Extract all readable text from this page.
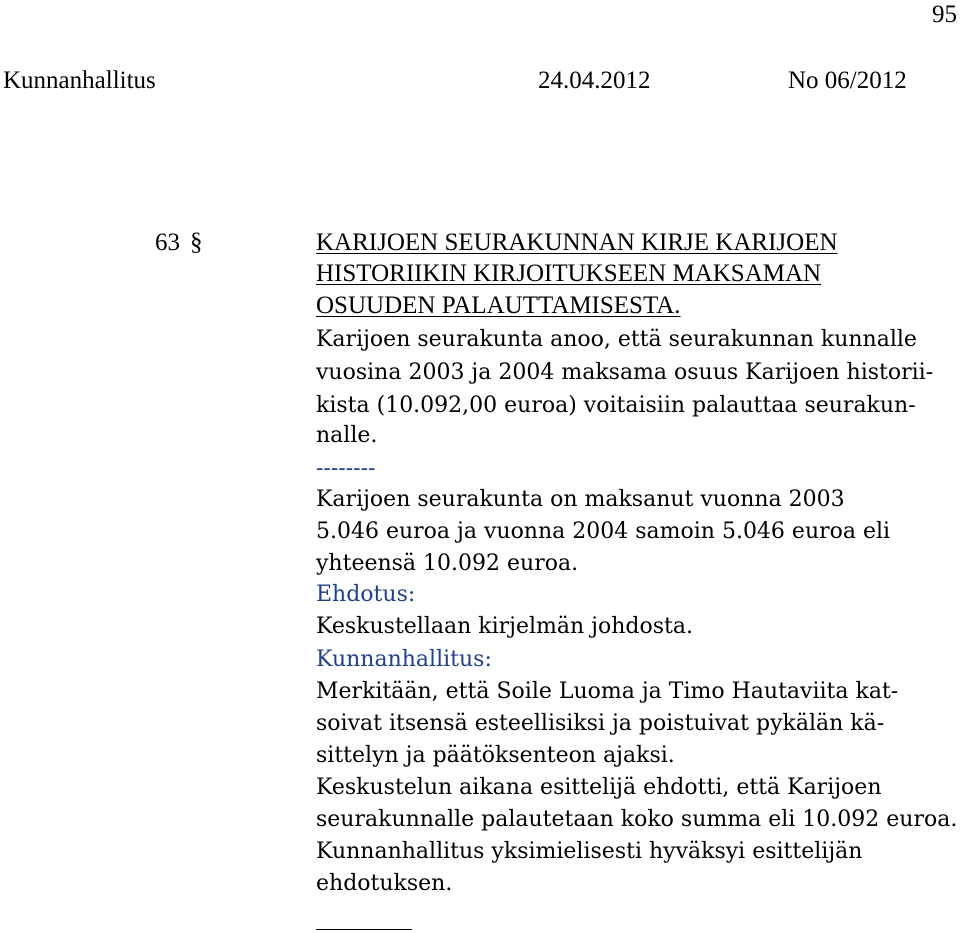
95
Kunnanhallitus	24.04.2012	No 06/2012
63 §	KARIJOEN SEURAKUNNAN KIRJE KARIJOEN
HISTORIIKIN KIRJOITUKSEEN MAKSAMAN
OSUUDEN PALAUTTAMISESTA.
Karijoen seurakunta anoo, että seurakunnan kunnalle
vuosina 2003 ja 2004 maksama osuus Karijoen historii-
kista (10.092,00 euroa) voitaisiin palauttaa seurakun-
nalle.
--------
Karijoen seurakunta on maksanut vuonna 2003
5.046 euroa ja vuonna 2004 samoin 5.046 euroa eli
yhteensä 10.092 euroa.
Ehdotus:
Keskustellaan kirjelmän johdosta.
Kunnanhallitus:
Merkitään, että Soile Luoma ja Timo Hautaviita kat-
soivat itsensä esteellisiksi ja poistuivat pykälän kä-
sittelyn ja päätöksenteon ajaksi.
Keskustelun aikana esittelijä ehdotti, että Karijoen
seurakunnalle palautetaan koko summa eli 10.092 euroa.
Kunnanhallitus yksimielisesti hyväksyi esittelijän
ehdotuksen.
